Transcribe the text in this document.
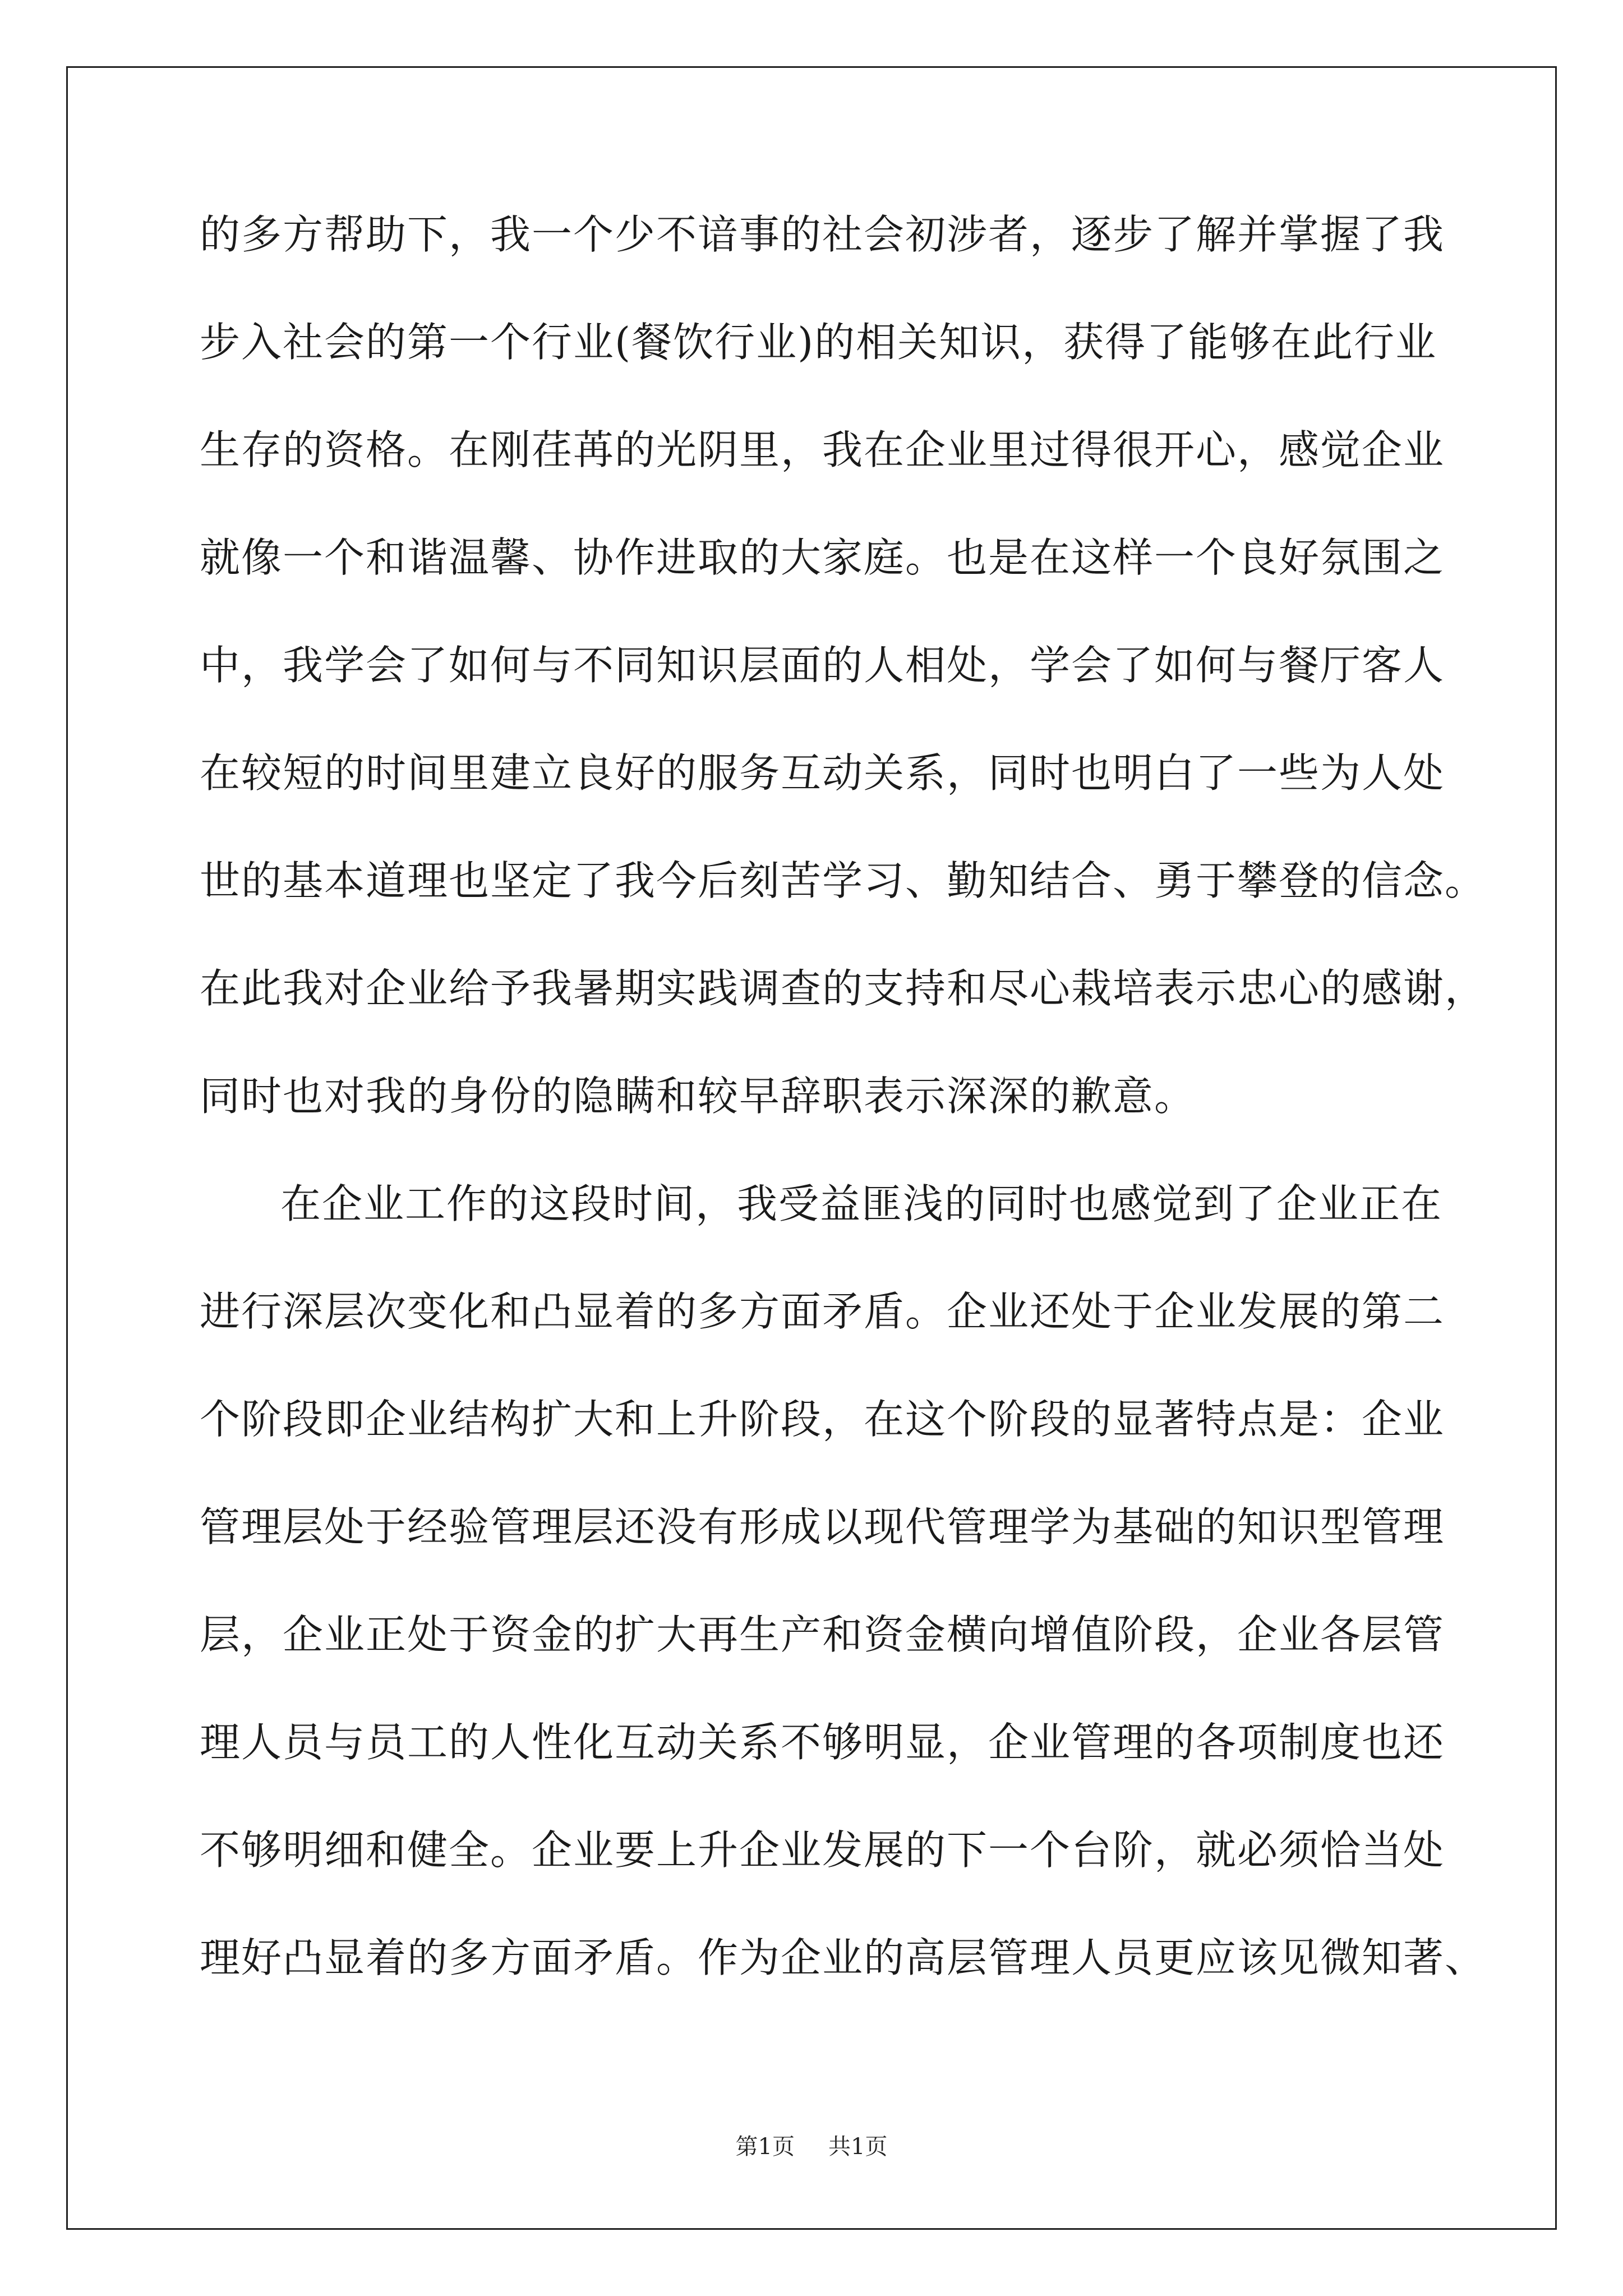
的多方帮助下，我一个少不谙事的社会初涉者，逐步了解并掌握了我
步入社会的第一个行业(餐饮行业)的相关知识，获得了能够在此行业
生存的资格。在刚荏苒的光阴里，我在企业里过得很开心，感觉企业
就像一个和谐温馨、协作进取的大家庭。也是在这样一个良好氛围之
中，我学会了如何与不同知识层面的人相处，学会了如何与餐厅客人
在较短的时间里建立良好的服务互动关系，同时也明白了一些为人处
世的基本道理也坚定了我今后刻苦学习、勤知结合、勇于攀登的信念。
在此我对企业给予我暑期实践调查的支持和尽心栽培表示忠心的感谢，
同时也对我的身份的隐瞒和较早辞职表示深深的歉意。
在企业工作的这段时间，我受益匪浅的同时也感觉到了企业正在
进行深层次变化和凸显着的多方面矛盾。企业还处于企业发展的第二
个阶段即企业结构扩大和上升阶段，在这个阶段的显著特点是：企业
管理层处于经验管理层还没有形成以现代管理学为基础的知识型管理
层，企业正处于资金的扩大再生产和资金横向增值阶段，企业各层管
理人员与员工的人性化互动关系不够明显，企业管理的各项制度也还
不够明细和健全。企业要上升企业发展的下一个台阶，就必须恰当处
理好凸显着的多方面矛盾。作为企业的高层管理人员更应该见微知著、
第1页 共1页
